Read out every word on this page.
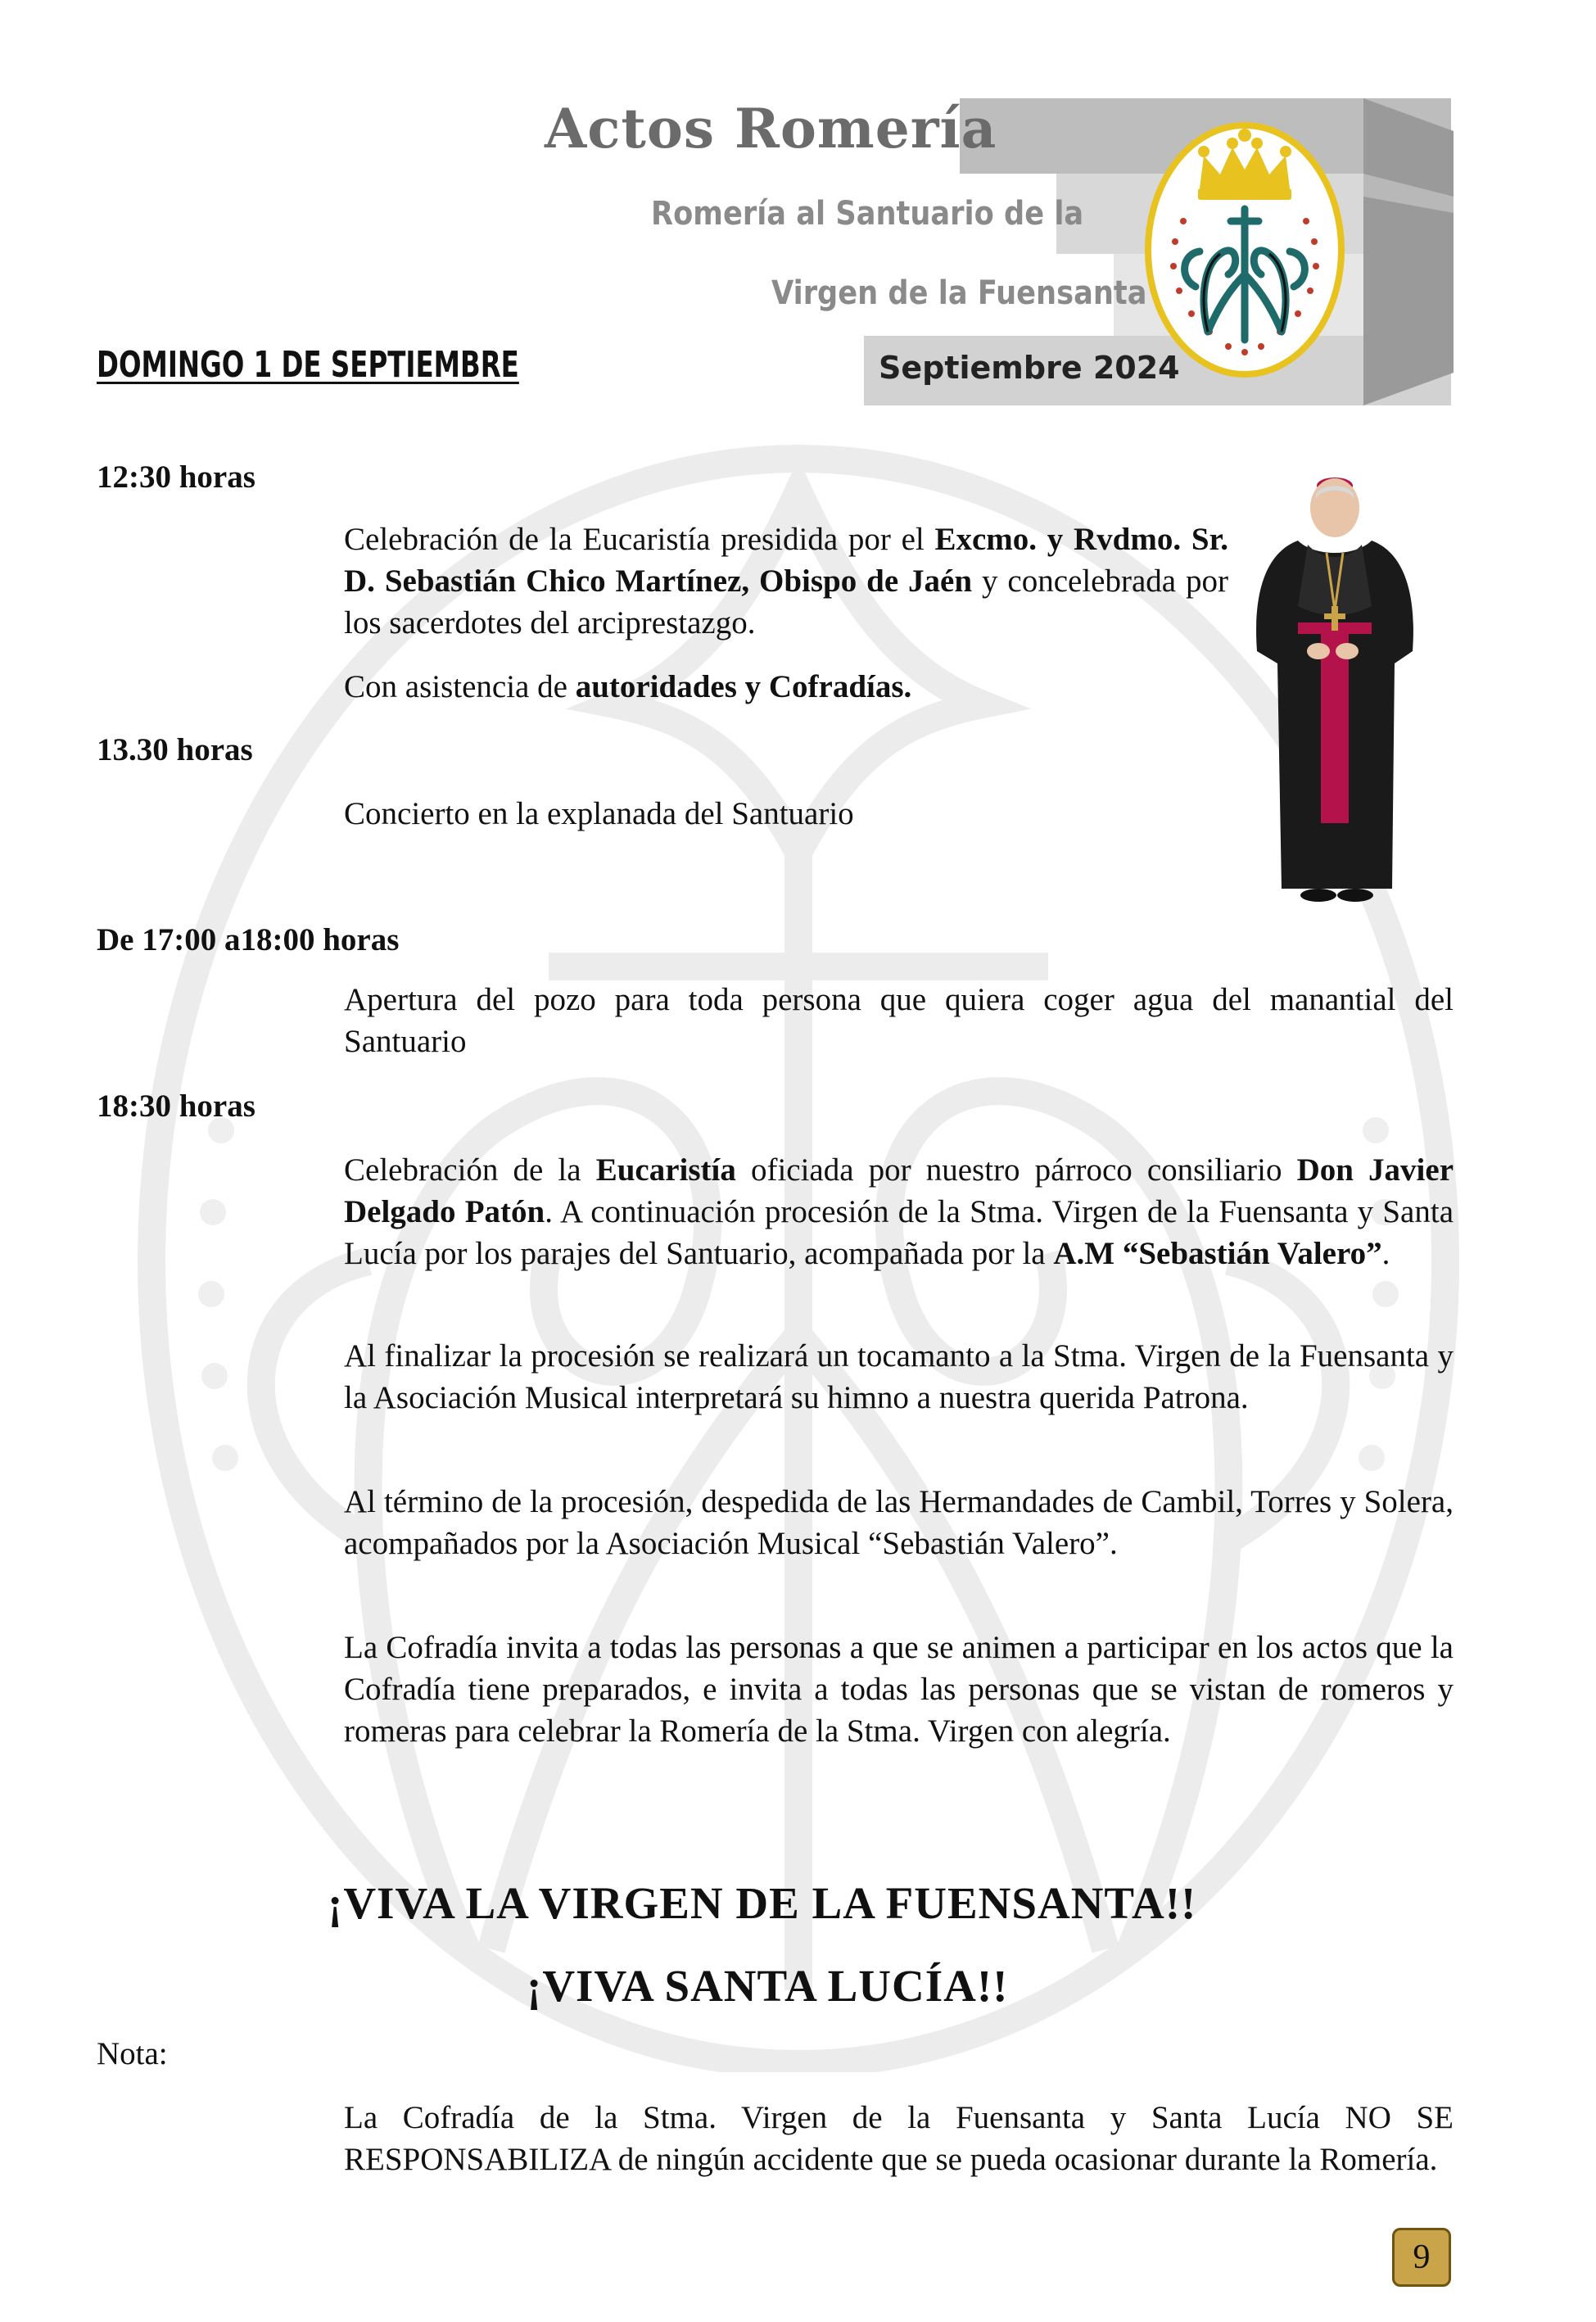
Actos Romería
Romería al Santuario de la
Virgen de la Fuensanta
Septiembre 2024
DOMINGO 1 DE SEPTIEMBRE
12:30 horas
Celebración de la Eucaristía presidida por el Excmo. y Rvdmo. Sr. D. Sebastián Chico Martínez, Obispo de Jaén y concelebrada por los sacerdotes del arciprestazgo.
Con asistencia de autoridades y Cofradías.
13.30 horas
Concierto en la explanada del Santuario
De 17:00 a18:00 horas
Apertura del pozo para toda persona que quiera coger agua del manantial del Santuario
18:30 horas
Celebración de la Eucaristía oficiada por nuestro párroco consiliario Don Javier Delgado Patón. A continuación procesión de la Stma. Virgen de la Fuensanta y Santa Lucía por los parajes del Santuario, acompañada por la A.M “Sebastián Valero”.
Al finalizar la procesión se realizará un tocamanto a la Stma. Virgen de la Fuensanta y la Asociación Musical interpretará su himno a nuestra querida Patrona.
Al término de la procesión, despedida de las Hermandades de Cambil, Torres y Solera, acompañados por la Asociación Musical “Sebastián Valero”.
La Cofradía invita a todas las personas a que se animen a participar en los actos que la Cofradía tiene preparados, e invita a todas las personas que se vistan de romeros y romeras para celebrar la Romería de la Stma. Virgen con alegría.
¡VIVA LA VIRGEN DE LA FUENSANTA!!
¡VIVA SANTA LUCÍA!!
Nota:
La Cofradía de la Stma. Virgen de la Fuensanta y Santa Lucía NO SE RESPONSABILIZA de ningún accidente que se pueda ocasionar durante la Romería.
9
